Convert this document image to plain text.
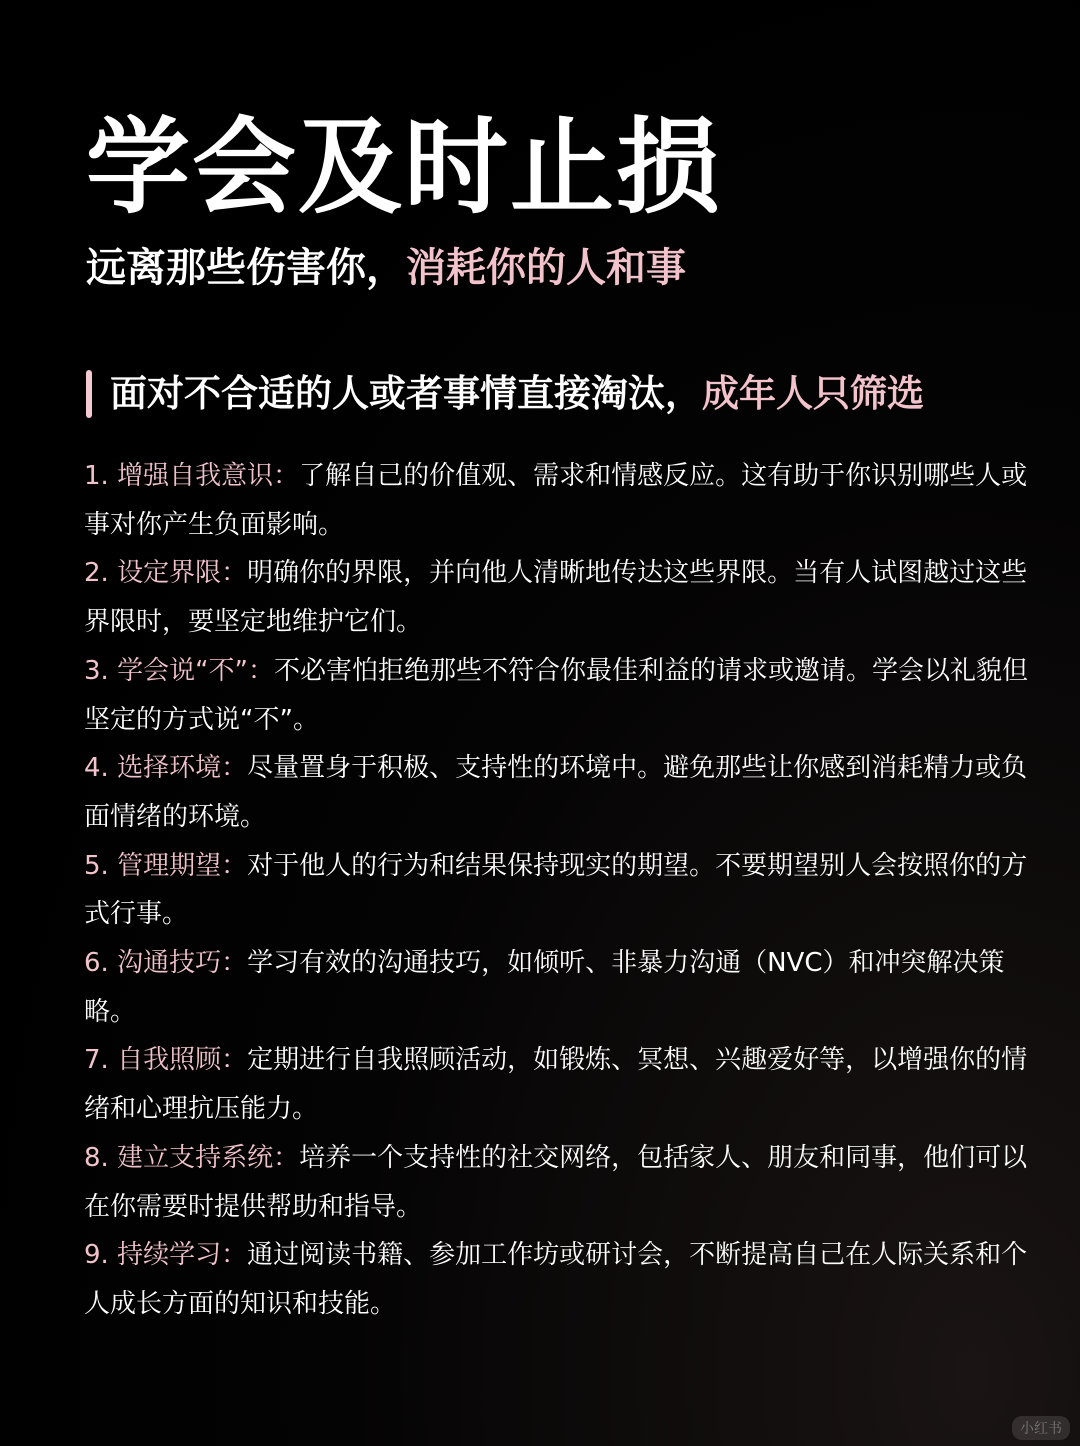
学会及时止损
远离那些伤害你，消耗你的人和事
面对不合适的人或者事情直接淘汰，成年人只筛选
1. 增强自我意识：了解自己的价值观、需求和情感反应。这有助于你识别哪些人或事对你产生负面影响。
2. 设定界限：明确你的界限，并向他人清晰地传达这些界限。当有人试图越过这些界限时，要坚定地维护它们。
3. 学会说“不”：不必害怕拒绝那些不符合你最佳利益的请求或邀请。学会以礼貌但坚定的方式说“不”。
4. 选择环境：尽量置身于积极、支持性的环境中。避免那些让你感到消耗精力或负面情绪的环境。
5. 管理期望：对于他人的行为和结果保持现实的期望。不要期望别人会按照你的方式行事。
6. 沟通技巧：学习有效的沟通技巧，如倾听、非暴力沟通（NVC）和冲突解决策略。
7. 自我照顾：定期进行自我照顾活动，如锻炼、冥想、兴趣爱好等，以增强你的情绪和心理抗压能力。
8. 建立支持系统：培养一个支持性的社交网络，包括家人、朋友和同事，他们可以在你需要时提供帮助和指导。
9. 持续学习：通过阅读书籍、参加工作坊或研讨会，不断提高自己在人际关系和个人成长方面的知识和技能。
小红书
